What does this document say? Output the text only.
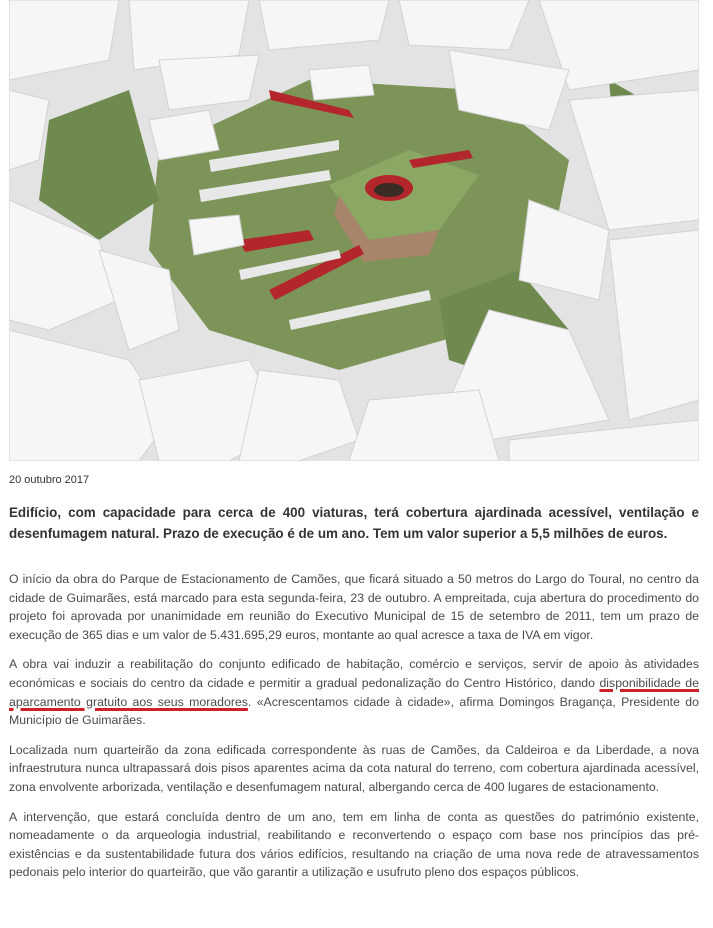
20 outubro 2017
Edifício, com capacidade para cerca de 400 viaturas, terá cobertura ajardinada acessível, ventilação e desenfumagem natural. Prazo de execução é de um ano. Tem um valor superior a 5,5 milhões de euros.

O início da obra do Parque de Estacionamento de Camões, que ficará situado a 50 metros do Largo do Toural, no centro da cidade de Guimarães, está marcado para esta segunda-feira, 23 de outubro. A empreitada, cuja abertura do procedimento do projeto foi aprovada por unanimidade em reunião do Executivo Municipal de 15 de setembro de 2011, tem um prazo de execução de 365 dias e um valor de 5.431.695,29 euros, montante ao qual acresce a taxa de IVA em vigor.

A obra vai induzir a reabilitação do conjunto edificado de habitação, comércio e serviços, servir de apoio às atividades económicas e sociais do centro da cidade e permitir a gradual pedonalização do Centro Histórico, dando disponibilidade de aparcamento gratuito aos seus moradores. «Acrescentamos cidade à cidade», afirma Domingos Bragança, Presidente do Município de Guimarães.

Localizada num quarteirão da zona edificada correspondente às ruas de Camões, da Caldeiroa e da Liberdade, a nova infraestrutura nunca ultrapassará dois pisos aparentes acima da cota natural do terreno, com cobertura ajardinada acessível, zona envolvente arborizada, ventilação e desenfumagem natural, albergando cerca de 400 lugares de estacionamento.

A intervenção, que estará concluída dentro de um ano, tem em linha de conta as questões do património existente, nomeadamente o da arqueologia industrial, reabilitando e reconvertendo o espaço com base nos princípios das pré-existências e da sustentabilidade futura dos vários edifícios, resultando na criação de uma nova rede de atravessamentos pedonais pelo interior do quarteirão, que vão garantir a utilização e usufruto pleno dos espaços públicos.
